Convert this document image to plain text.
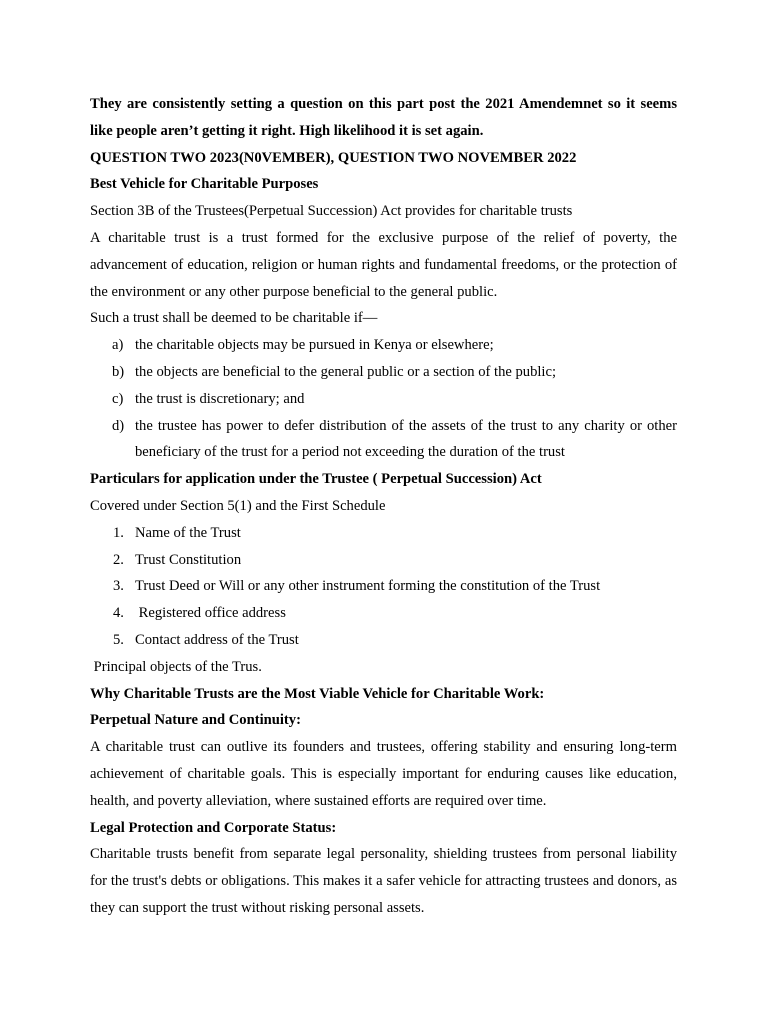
They are consistently setting a question on this part post the 2021 Amendemnet so it seems like people aren’t getting it right. High likelihood it is set again.

QUESTION TWO 2023(N0VEMBER), QUESTION TWO NOVEMBER 2022

Best Vehicle for Charitable Purposes

Section 3B of the Trustees(Perpetual Succession) Act provides for charitable trusts

A charitable trust is a trust formed for the exclusive purpose of the relief of poverty, the advancement of education, religion or human rights and fundamental freedoms, or the protection of the environment or any other purpose beneficial to the general public.

Such a trust shall be deemed to be charitable if—

a) the charitable objects may be pursued in Kenya or elsewhere;
b) the objects are beneficial to the general public or a section of the public;
c) the trust is discretionary; and
d) the trustee has power to defer distribution of the assets of the trust to any charity or other beneficiary of the trust for a period not exceeding the duration of the trust

Particulars for application under the Trustee ( Perpetual Succession) Act

Covered under Section 5(1) and the First Schedule

1. Name of the Trust
2. Trust Constitution
3. Trust Deed or Will or any other instrument forming the constitution of the Trust
4. Registered office address
5. Contact address of the Trust

Principal objects of the Trus.

Why Charitable Trusts are the Most Viable Vehicle for Charitable Work:

Perpetual Nature and Continuity:

A charitable trust can outlive its founders and trustees, offering stability and ensuring long-term achievement of charitable goals. This is especially important for enduring causes like education, health, and poverty alleviation, where sustained efforts are required over time.

Legal Protection and Corporate Status:

Charitable trusts benefit from separate legal personality, shielding trustees from personal liability for the trust's debts or obligations. This makes it a safer vehicle for attracting trustees and donors, as they can support the trust without risking personal assets.
